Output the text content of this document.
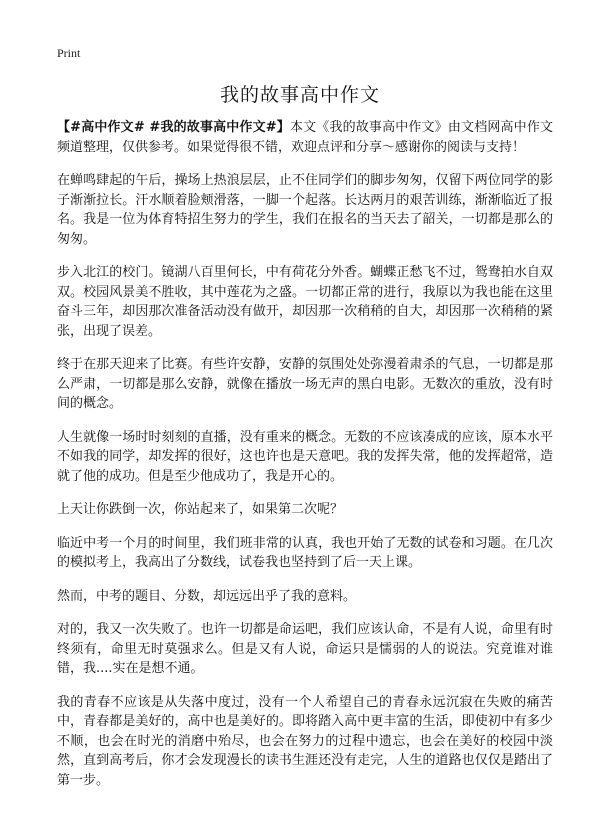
Print
我的故事高中作文

【#高中作文# #我的故事高中作文#】本文《我的故事高中作文》由文档网高中作文频道整理，仅供参考。如果觉得很不错，欢迎点评和分享～感谢你的阅读与支持！

在蝉鸣肆起的午后，操场上热浪层层，止不住同学们的脚步匆匆，仅留下两位同学的影子渐渐拉长。汗水顺着脸颊滑落，一脚一个起落。长达两月的艰苦训练，渐渐临近了报名。我是一位为体育特招生努力的学生，我们在报名的当天去了韶关，一切都是那么的匆匆。

步入北江的校门。镜湖八百里何长，中有荷花分外香。蝴蝶正愁飞不过，鸳鸯拍水自双双。校园风景美不胜收，其中莲花为之盛。一切都正常的进行，我原以为我也能在这里奋斗三年，却因那次准备活动没有做开，却因那一次稍稍的自大，却因那一次稍稍的紧张，出现了误差。

终于在那天迎来了比赛。有些许安静，安静的氛围处处弥漫着肃杀的气息，一切都是那么严肃，一切都是那么安静，就像在播放一场无声的黑白电影。无数次的重放，没有时间的概念。

人生就像一场时时刻刻的直播，没有重来的概念。无数的不应该凑成的应该，原本水平不如我的同学，却发挥的很好，这也许也是天意吧。我的发挥失常，他的发挥超常，造就了他的成功。但是至少他成功了，我是开心的。

上天让你跌倒一次，你站起来了，如果第二次呢？

临近中考一个月的时间里，我们班非常的认真，我也开始了无数的试卷和习题。在几次的模拟考上，我高出了分数线，试卷我也坚持到了后一天上课。

然而，中考的题目、分数，却远远出乎了我的意料。

对的，我又一次失败了。也许一切都是命运吧，我们应该认命，不是有人说，命里有时终须有，命里无时莫强求么。但是又有人说，命运只是懦弱的人的说法。究竟谁对谁错，我....实在是想不通。

我的青春不应该是从失落中度过，没有一个人希望自己的青春永远沉寂在失败的痛苦中，青春都是美好的，高中也是美好的。即将踏入高中更丰富的生活，即使初中有多少不顺，也会在时光的消磨中殆尽，也会在努力的过程中遗忘，也会在美好的校园中淡然，直到高考后，你才会发现漫长的读书生涯还没有走完，人生的道路也仅仅是踏出了第一步。
